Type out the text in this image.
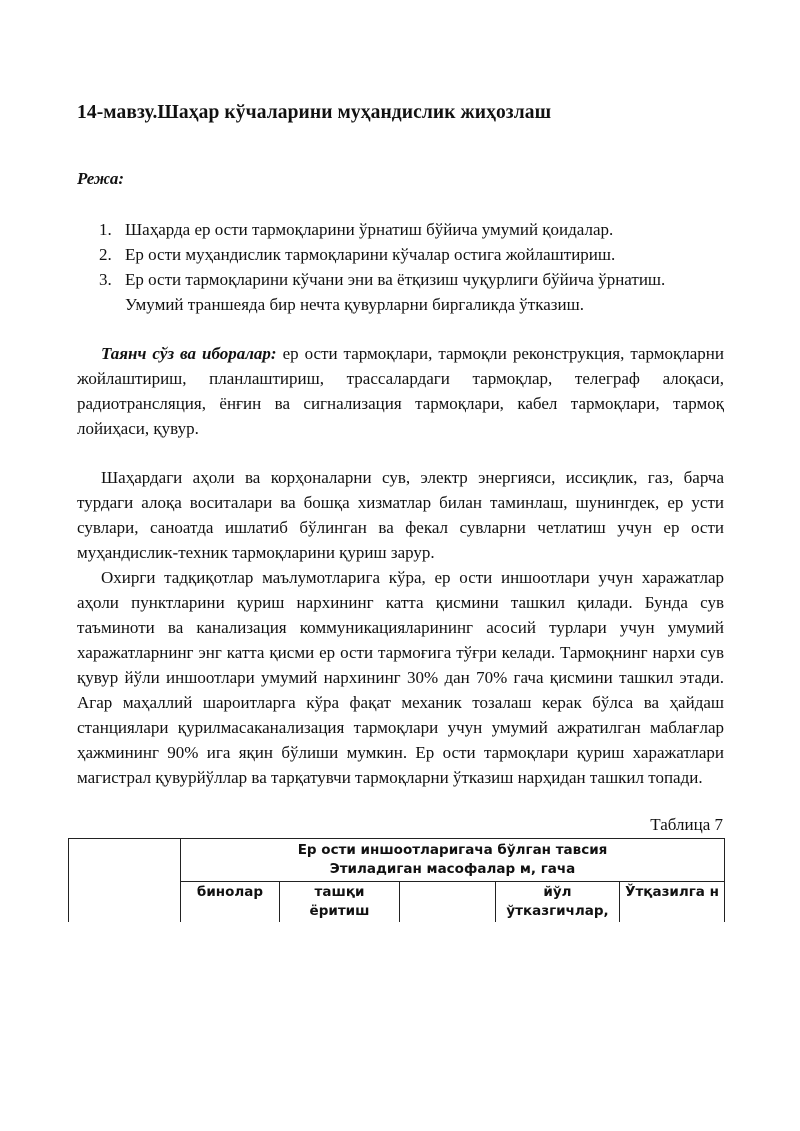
14-мавзу.Шаҳар кўчаларини муҳандислик жиҳозлаш
Режа:
1. Шаҳарда ер ости тармоқларини ўрнатиш бўйича умумий қоидалар.
2. Ер ости муҳандислик тармоқларини кўчалар остига жойлаштириш.
3. Ер ости тармоқларини кўчани эни ва ётқизиш чуқурлиги бўйича ўрнатиш. Умумий траншеяда бир нечта қувурларни биргаликда ўтказиш.

Таянч сўз ва иборалар: ер ости тармоқлари, тармоқли реконструкция, тармоқларни жойлаштириш, планлаштириш, трассалардаги тармоқлар, телеграф алоқаси, радиотрансляция, ёнғин ва сигнализация тармоқлари, кабел тармоқлари, тармоқ лойиҳаси, қувур.

Шаҳардаги аҳоли ва корҳоналарни сув, электр энергияси, иссиқлик, газ, барча турдаги алоқа воситалари ва бошқа хизматлар билан таминлаш, шунингдек, ер усти сувлари, саноатда ишлатиб бўлинган ва фекал сувларни четлатиш учун ер ости муҳандислик-техник тармоқларини қуриш зарур.

Охирги тадқиқотлар маълумотларига кўра, ер ости иншоотлари учун харажатлар аҳоли пунктларини қуриш нархининг катта қисмини ташкил қилади. Бунда сув таъминоти ва канализация коммуникацияларининг асосий турлари учун умумий харажатларнинг энг катта қисми ер ости тармоғига тўғри келади. Тармоқнинг нархи сув қувур йўли иншоотлари умумий нархининг 30% дан 70% гача қисмини ташкил этади. Агар маҳаллий шароитларга кўра фақат механик тозалаш керак бўлса ва ҳайдаш станциялари қурилмасаканализация тармоқлари учун умумий ажратилган маблағлар ҳажмининг 90% ига яқин бўлиши мумкин. Ер ости тармоқлари қуриш харажатлари магистрал қувурйўллар ва тарқатувчи тармоқларни ўтказиш нарҳидан ташкил топади.

Таблица 7

	Ер ости иншоотларигача бўлган тавсия
Этиладиган масофалар м, гача				

	бинолар	ташқи ёритиш		йўл ўтказгичлар,	Ўтқазилга н
